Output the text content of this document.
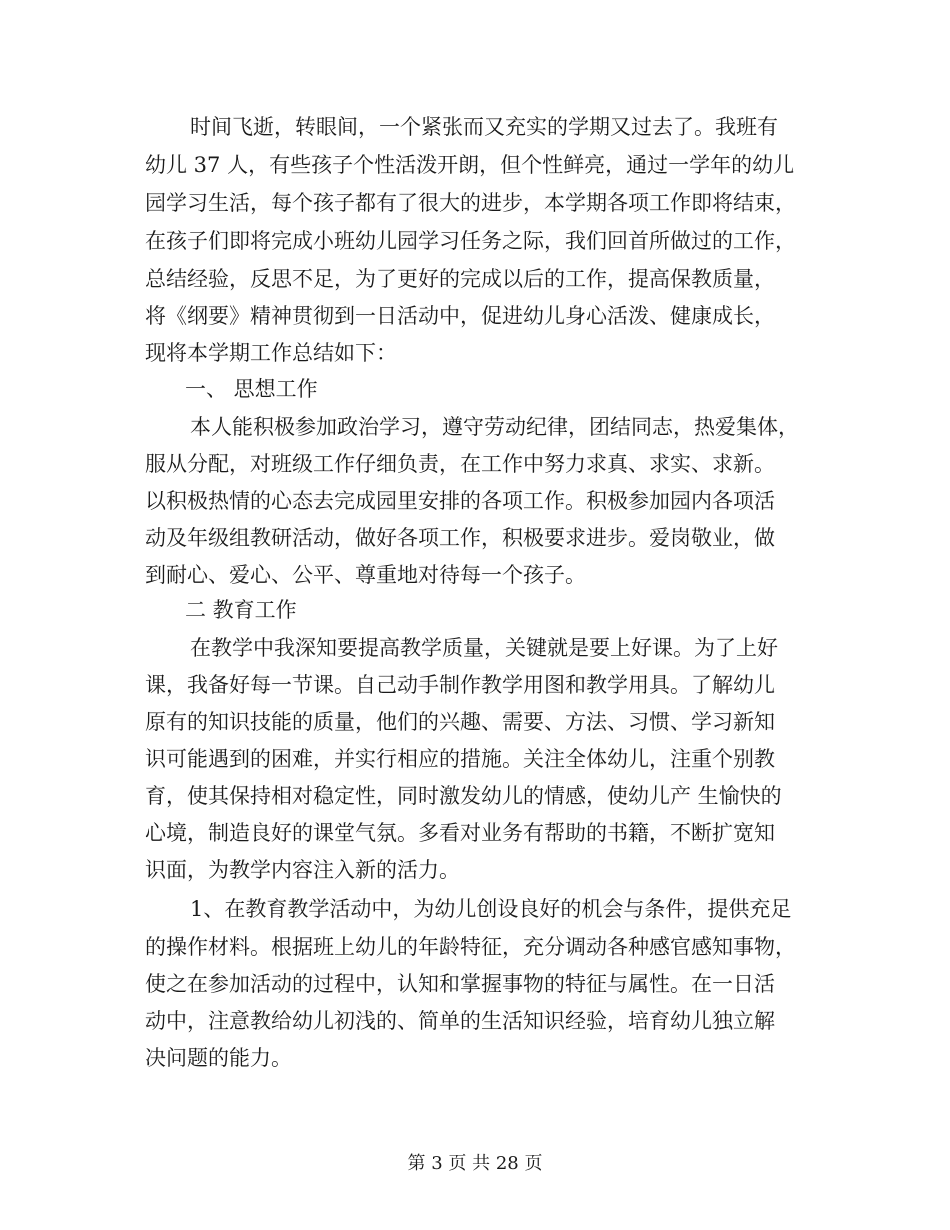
时间飞逝，转眼间，一个紧张而又充实的学期又过去了。我班有
幼儿 37 人，有些孩子个性活泼开朗，但个性鲜亮，通过一学年的幼儿
园学习生活，每个孩子都有了很大的进步，本学期各项工作即将结束，
在孩子们即将完成小班幼儿园学习任务之际，我们回首所做过的工作，
总结经验，反思不足，为了更好的完成以后的工作，提高保教质量，
将《纲要》精神贯彻到一日活动中，促进幼儿身心活泼、健康成长，
现将本学期工作总结如下：
一、 思想工作
本人能积极参加政治学习，遵守劳动纪律，团结同志，热爱集体，
服从分配，对班级工作仔细负责，在工作中努力求真、求实、求新。
以积极热情的心态去完成园里安排的各项工作。积极参加园内各项活
动及年级组教研活动，做好各项工作，积极要求进步。爱岗敬业，做
到耐心、爱心、公平、尊重地对待每一个孩子。
二 教育工作
在教学中我深知要提高教学质量，关键就是要上好课。为了上好
课，我备好每一节课。自己动手制作教学用图和教学用具。了解幼儿
原有的知识技能的质量，他们的兴趣、需要、方法、习惯、学习新知
识可能遇到的困难，并实行相应的措施。关注全体幼儿，注重个别教
育，使其保持相对稳定性，同时激发幼儿的情感，使幼儿产 生愉快的
心境，制造良好的课堂气氛。多看对业务有帮助的书籍，不断扩宽知
识面，为教学内容注入新的活力。
1、在教育教学活动中，为幼儿创设良好的机会与条件，提供充足
的操作材料。根据班上幼儿的年龄特征，充分调动各种感官感知事物，
使之在参加活动的过程中，认知和掌握事物的特征与属性。在一日活
动中，注意教给幼儿初浅的、简单的生活知识经验，培育幼儿独立解
决问题的能力。
第 3 页 共 28 页
